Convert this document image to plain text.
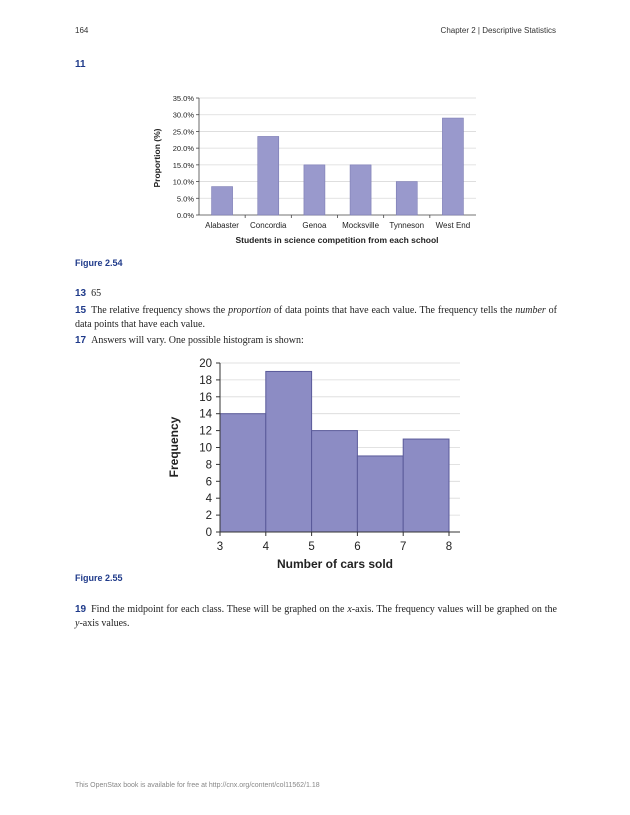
164	Chapter 2 | Descriptive Statistics
11
0.0%
5.0%
10.0%
15.0%
20.0%
25.0%
30.0%
35.0%
Alabaster Concordia Genoa Mocksville Tynneson West End
Proportion (%)
Students in science competition from each school
Figure 2.54
13 65
15 The relative frequency shows the proportion of data points that have each value. The frequency tells the number of data points that have each value.
17 Answers will vary. One possible histogram is shown:
0
2
4
6
8
10
12
14
16
18
20
3	4	5	6	7	8
Frequency
Number of cars sold
Figure 2.55
19 Find the midpoint for each class. These will be graphed on the x-axis. The frequency values will be graphed on the y-axis values.
This OpenStax book is available for free at http://cnx.org/content/col11562/1.18
